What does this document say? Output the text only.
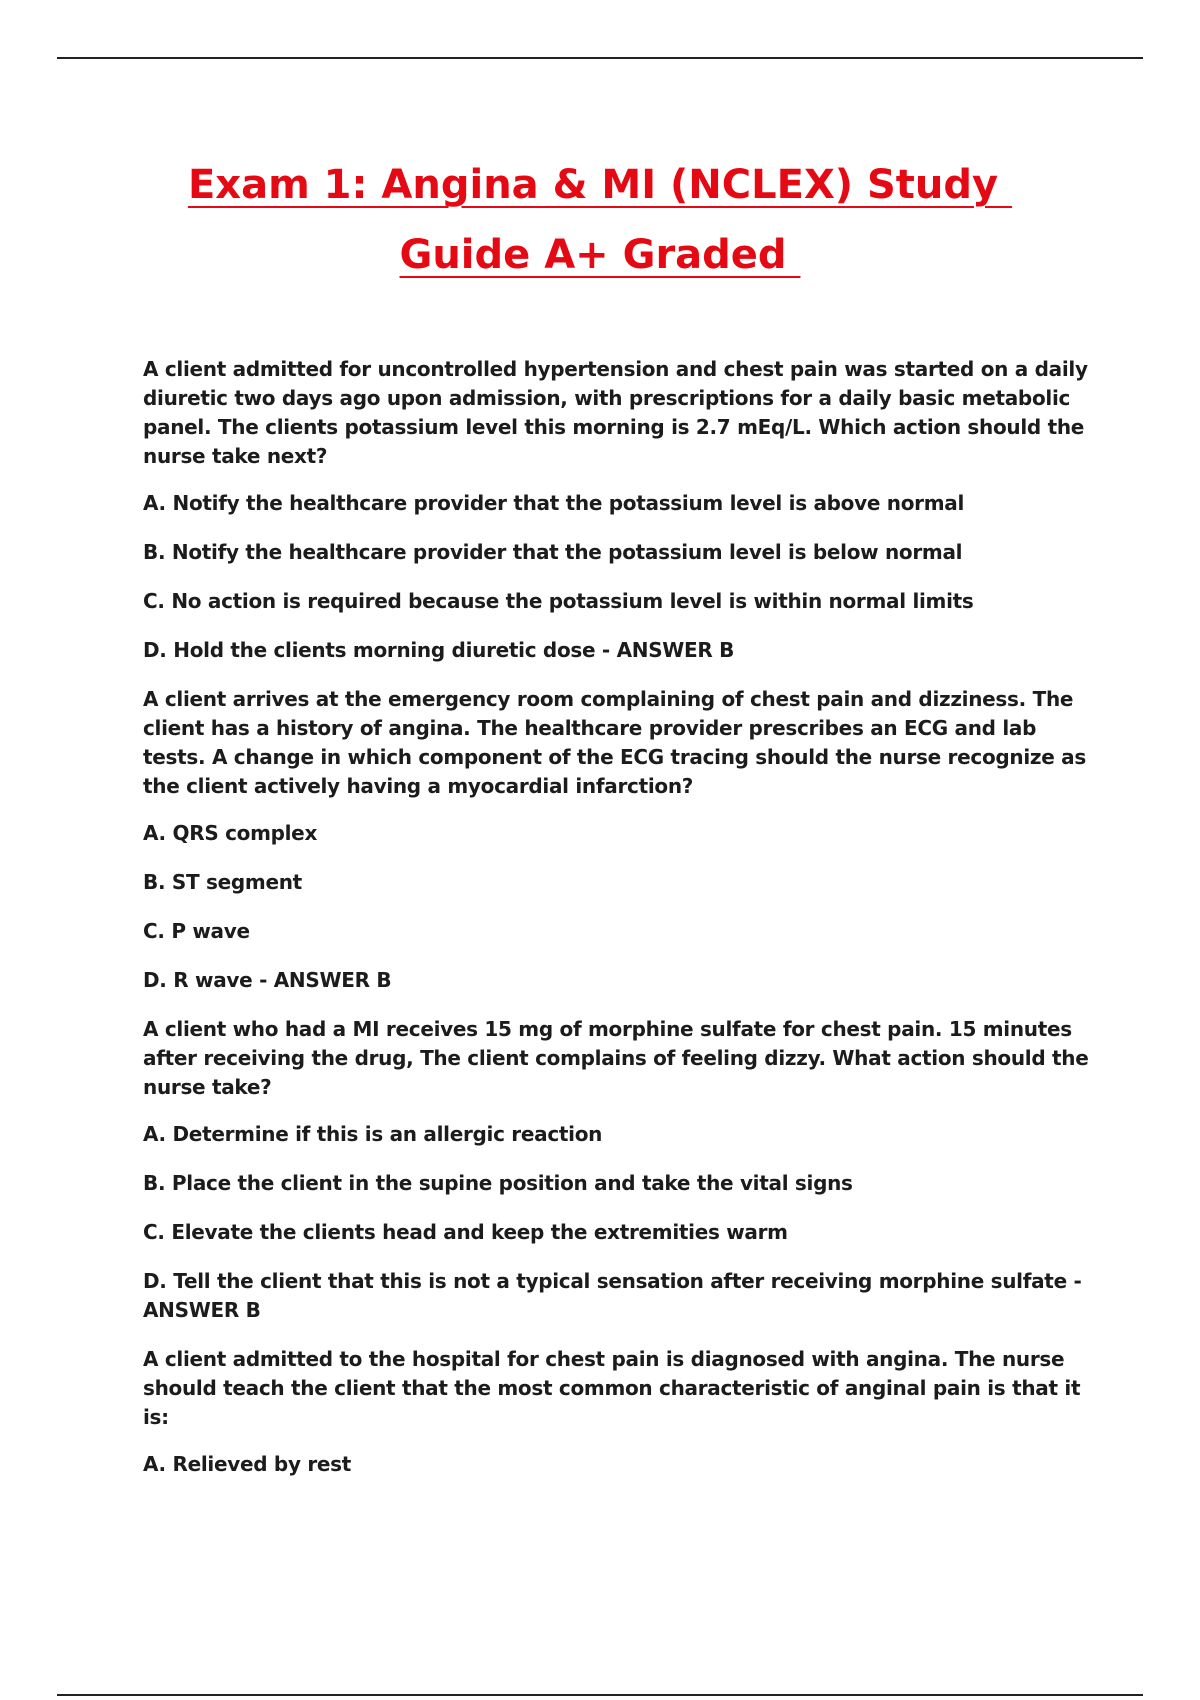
Exam 1: Angina & MI (NCLEX) Study
Guide A+ Graded

A client admitted for uncontrolled hypertension and chest pain was started on a daily diuretic two days ago upon admission, with prescriptions for a daily basic metabolic panel. The clients potassium level this morning is 2.7 mEq/L. Which action should the nurse take next?

A. Notify the healthcare provider that the potassium level is above normal

B. Notify the healthcare provider that the potassium level is below normal

C. No action is required because the potassium level is within normal limits

D. Hold the clients morning diuretic dose - ANSWER B

A client arrives at the emergency room complaining of chest pain and dizziness. The client has a history of angina. The healthcare provider prescribes an ECG and lab tests. A change in which component of the ECG tracing should the nurse recognize as the client actively having a myocardial infarction?

A. QRS complex

B. ST segment

C. P wave

D. R wave - ANSWER B

A client who had a MI receives 15 mg of morphine sulfate for chest pain. 15 minutes after receiving the drug, The client complains of feeling dizzy. What action should the nurse take?

A. Determine if this is an allergic reaction

B. Place the client in the supine position and take the vital signs

C. Elevate the clients head and keep the extremities warm

D. Tell the client that this is not a typical sensation after receiving morphine sulfate - ANSWER B

A client admitted to the hospital for chest pain is diagnosed with angina. The nurse should teach the client that the most common characteristic of anginal pain is that it is:

A. Relieved by rest
